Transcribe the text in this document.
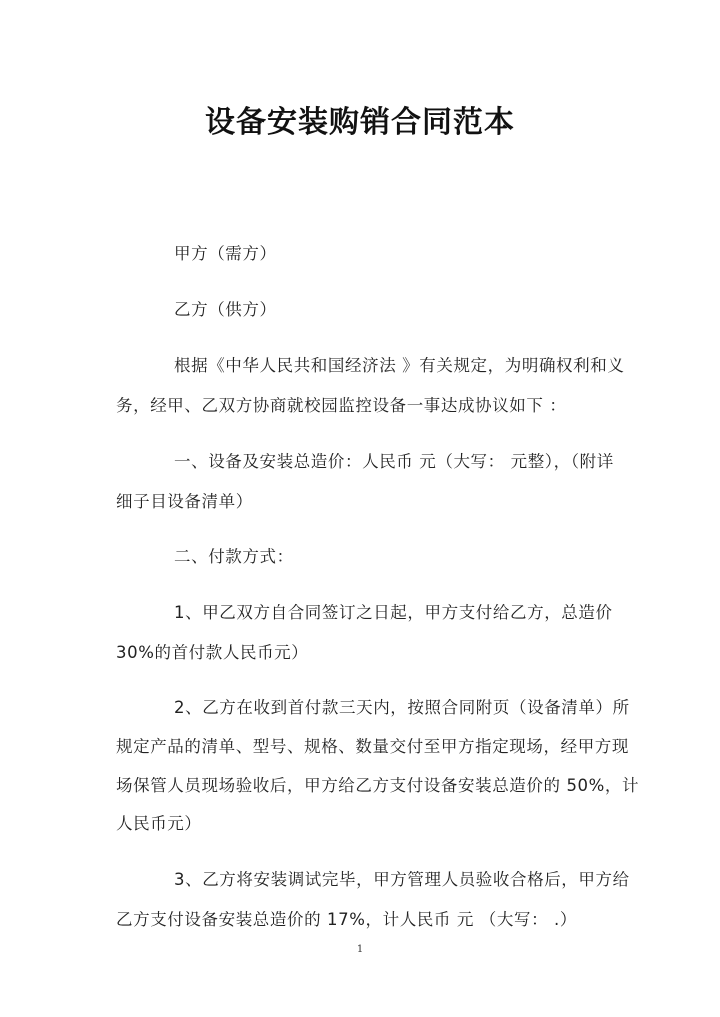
设备安装购销合同范本
甲方（需方）
乙方（供方）
根据《中华人民共和国经济法 》有关规定，为明确权利和义
务，经甲、乙双方协商就校园监控设备一事达成协议如下 ：
一、设备及安装总造价：人民币 元（大写： 元整），（附详
细子目设备清单）
二、付款方式：
1、甲乙双方自合同签订之日起，甲方支付给乙方，总造价
30%的首付款人民币元）
2、乙方在收到首付款三天内，按照合同附页（设备清单）所
规定产品的清单、型号、规格、数量交付至甲方指定现场，经甲方现
场保管人员现场验收后，甲方给乙方支付设备安装总造价的 50%，计
人民币元）
3、乙方将安装调试完毕，甲方管理人员验收合格后，甲方给
乙方支付设备安装总造价的 17%，计人民币 元 （大写： .）
1
